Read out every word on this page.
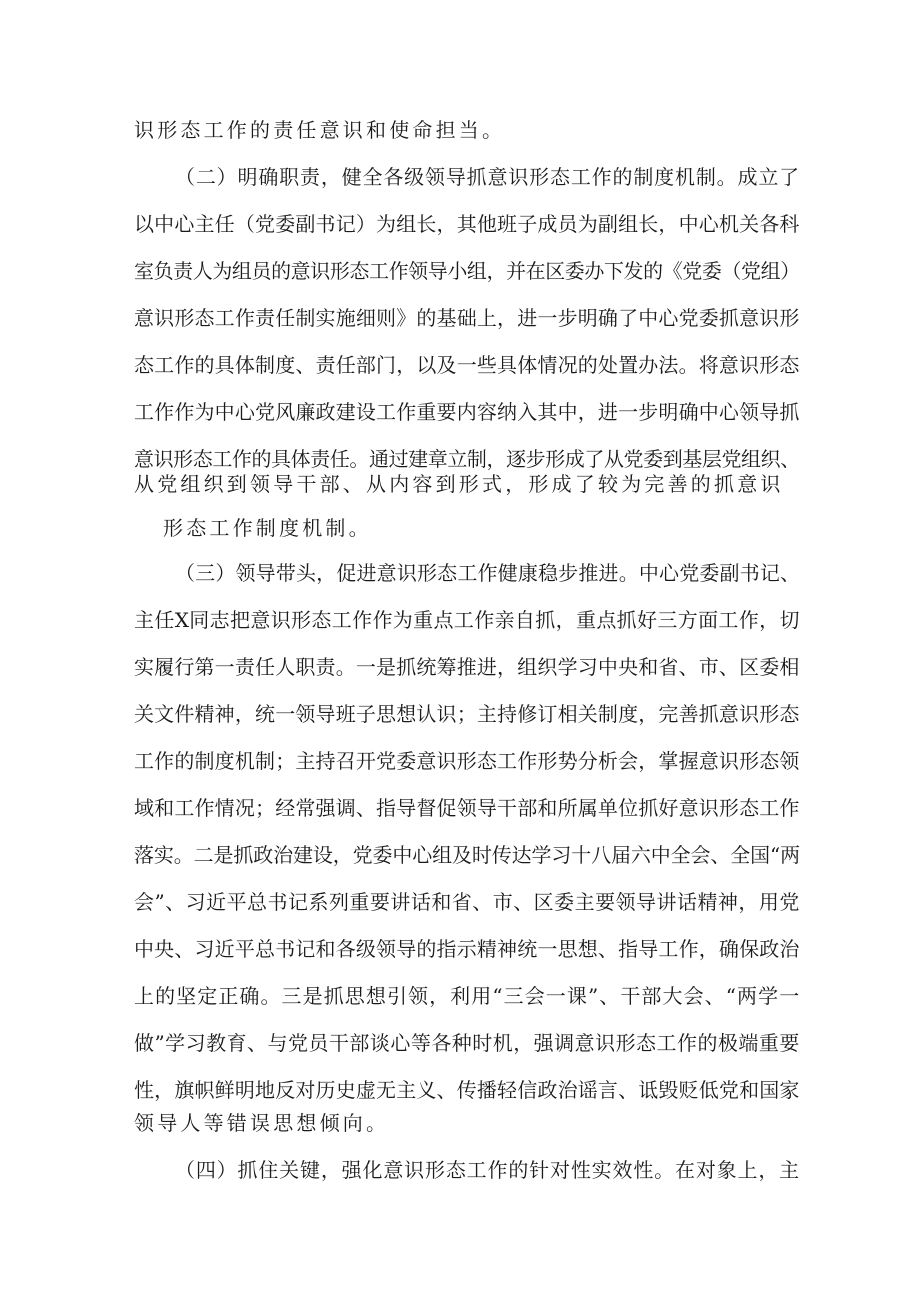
识形态工作的责任意识和使命担当。

（二）明确职责，健全各级领导抓意识形态工作的制度机制。成立了

以中心主任（党委副书记）为组长，其他班子成员为副组长，中心机关各科

室负责人为组员的意识形态工作领导小组，并在区委办下发的《党委（党组）

意识形态工作责任制实施细则》的基础上，进一步明确了中心党委抓意识形

态工作的具体制度、责任部门，以及一些具体情况的处置办法。将意识形态

工作作为中心党风廉政建设工作重要内容纳入其中，进一步明确中心领导抓

意识形态工作的具体责任。通过建章立制，逐步形成了从党委到基层党组织、

从党组织到领导干部、从内容到形式，形成了较为完善的抓意识

形态工作制度机制。

（三）领导带头，促进意识形态工作健康稳步推进。中心党委副书记、

主任X同志把意识形态工作作为重点工作亲自抓，重点抓好三方面工作，切

实履行第一责任人职责。一是抓统筹推进，组织学习中央和省、市、区委相

关文件精神，统一领导班子思想认识；主持修订相关制度，完善抓意识形态

工作的制度机制；主持召开党委意识形态工作形势分析会，掌握意识形态领

域和工作情况；经常强调、指导督促领导干部和所属单位抓好意识形态工作

落实。二是抓政治建设，党委中心组及时传达学习十八届六中全会、全国“两

会”、习近平总书记系列重要讲话和省、市、区委主要领导讲话精神，用党

中央、习近平总书记和各级领导的指示精神统一思想、指导工作，确保政治

上的坚定正确。三是抓思想引领，利用“三会一课”、干部大会、“两学一

做”学习教育、与党员干部谈心等各种时机，强调意识形态工作的极端重要

性，旗帜鲜明地反对历史虚无主义、传播轻信政治谣言、诋毁贬低党和国家

领导人等错误思想倾向。

（四）抓住关键，强化意识形态工作的针对性实效性。在对象上，主
